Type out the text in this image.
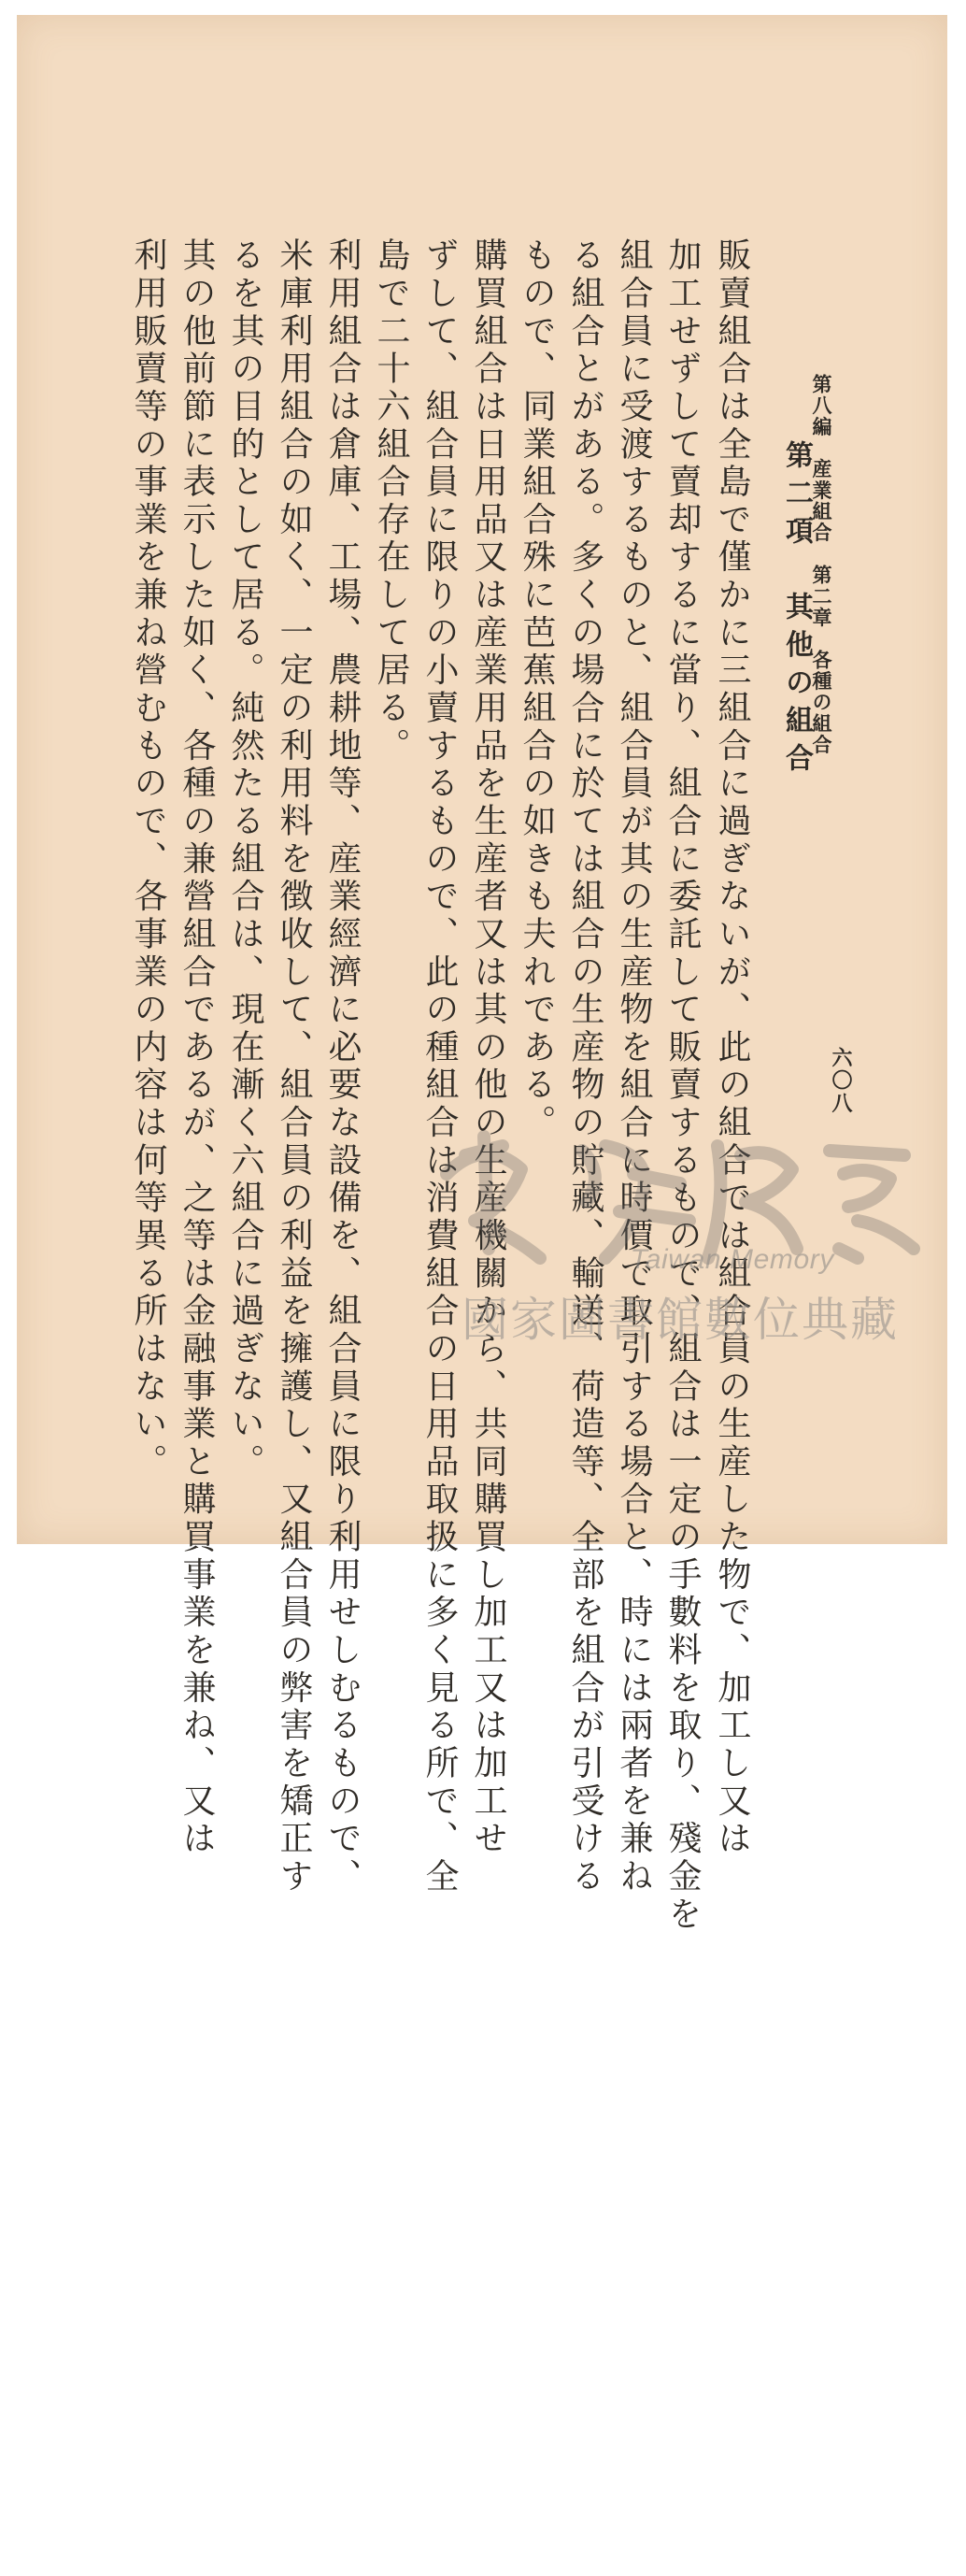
第八編　産業組合　第二章　各種の組合
六〇八
第二項　其他の組合
販賣組合は全島で僅かに三組合に過ぎないが、此の組合では組合員の生産した物で、加工し又は
加工せずして賣却するに當り、組合に委託して販賣するもので、組合は一定の手數料を取り、殘金を
組合員に受渡するものと、組合員が其の生産物を組合に時價で取引する場合と、時には兩者を兼ね
る組合とがある。多くの場合に於ては組合の生産物の貯藏、輸送、荷造等、全部を組合が引受ける
もので、同業組合殊に芭蕉組合の如きも夫れである。
購買組合は日用品又は産業用品を生産者又は其の他の生産機關から、共同購買し加工又は加工せ
ずして、組合員に限りの小賣するもので、此の種組合は消費組合の日用品取扱に多く見る所で、全
島で二十六組合存在して居る。
利用組合は倉庫、工場、農耕地等、産業經濟に必要な設備を、組合員に限り利用せしむるもので、
米庫利用組合の如く、一定の利用料を徴收して、組合員の利益を擁護し、又組合員の弊害を矯正す
るを其の目的として居る。純然たる組合は、現在漸く六組合に過ぎない。
其の他前節に表示した如く、各種の兼營組合であるが、之等は金融事業と購買事業を兼ね、又は
利用販賣等の事業を兼ね營むもので、各事業の内容は何等異る所はない。	Taiwan Memory
國家圖書館數位典藏
